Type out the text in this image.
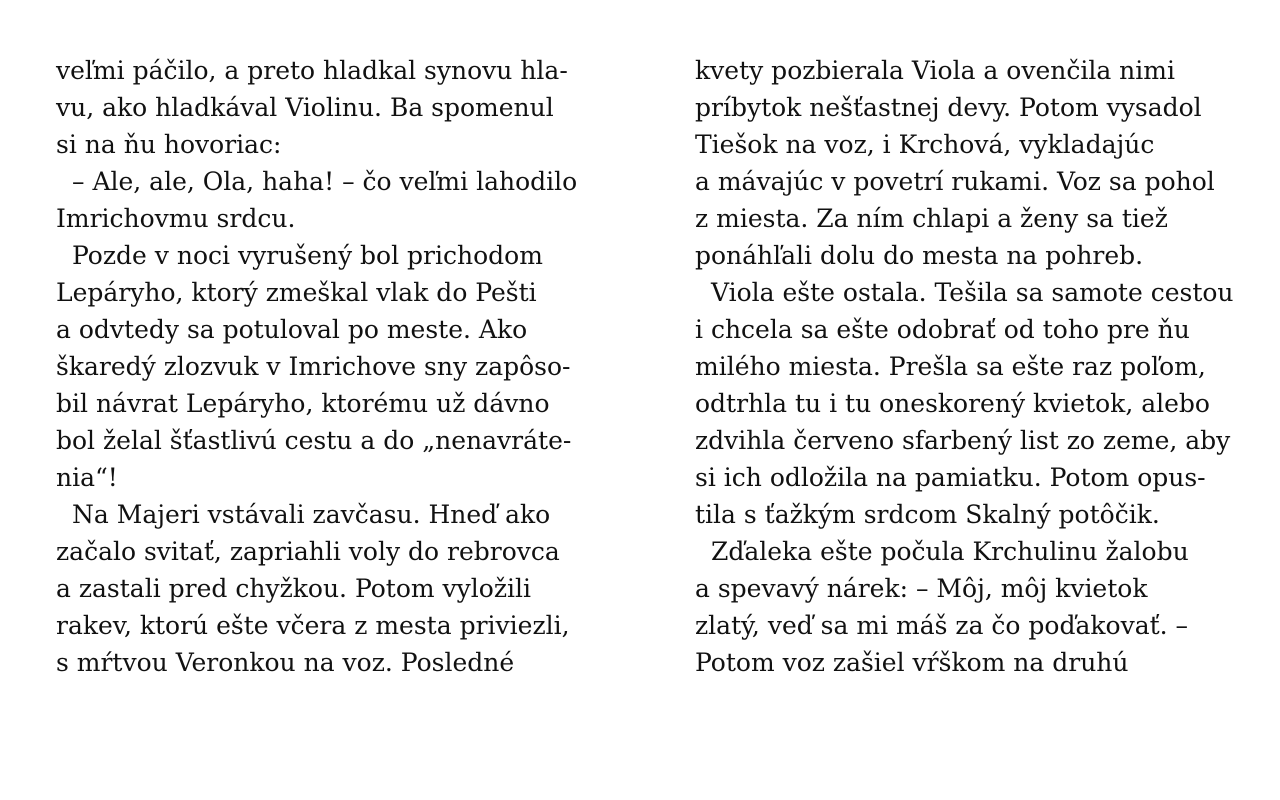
veľmi páčilo, a preto hladkal synovu hla-
vu, ako hladkával Violinu. Ba spomenul
si na ňu hovoriac:
– Ale, ale, Ola, haha! – čo veľmi lahodilo
Imrichovmu srdcu.
Pozde v noci vyrušený bol prichodom
Lepáryho, ktorý zmeškal vlak do Pešti
a odvtedy sa potuloval po meste. Ako
škaredý zlozvuk v Imrichove sny zapôso-
bil návrat Lepáryho, ktorému už dávno
bol želal šťastlivú cestu a do „nenavráte-
nia“!
Na Majeri vstávali zavčasu. Hneď ako
začalo svitať, zapriahli voly do rebrovca
a zastali pred chyžkou. Potom vyložili
rakev, ktorú ešte včera z mesta priviezli,
s mŕtvou Veronkou na voz. Posledné
kvety pozbierala Viola a ovenčila nimi
príbytok nešťastnej devy. Potom vysadol
Tiešok na voz, i Krchová, vykladajúc
a mávajúc v povetrí rukami. Voz sa pohol
z miesta. Za ním chlapi a ženy sa tiež
ponáhľali dolu do mesta na pohreb.
Viola ešte ostala. Tešila sa samote cestou
i chcela sa ešte odobrať od toho pre ňu
milého miesta. Prešla sa ešte raz poľom,
odtrhla tu i tu oneskorený kvietok, alebo
zdvihla červeno sfarbený list zo zeme, aby
si ich odložila na pamiatku. Potom opus-
tila s ťažkým srdcom Skalný potôčik.
Zďaleka ešte počula Krchulinu žalobu
a spevavý nárek: – Môj, môj kvietok
zlatý, veď sa mi máš za čo poďakovať. –
Potom voz zašiel vŕškom na druhú
